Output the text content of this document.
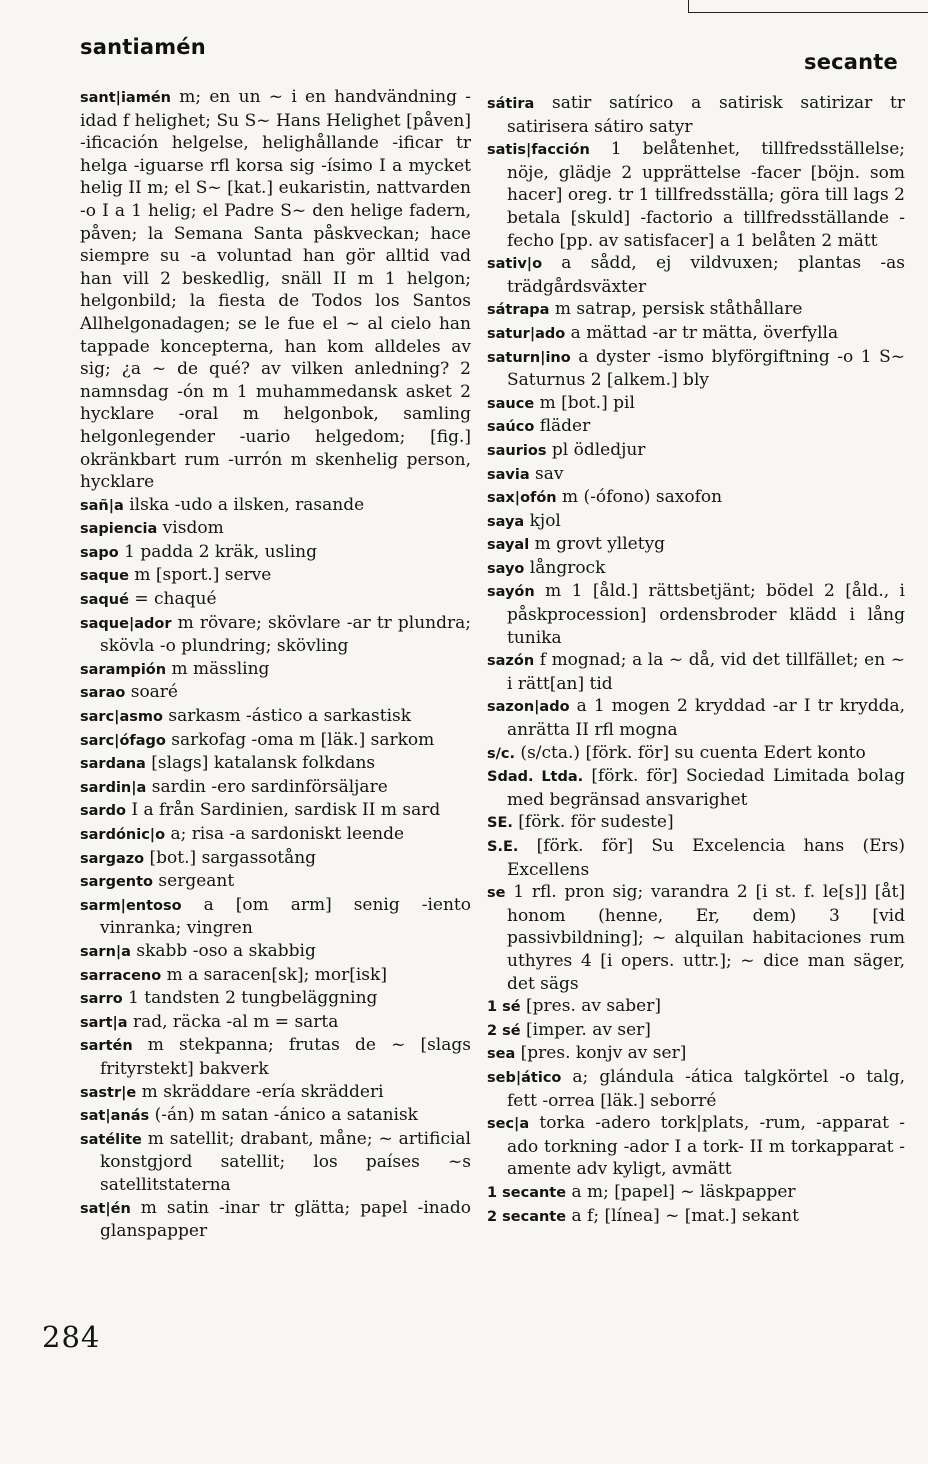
santiamén
secante
sant|iamén m; en un ~ i en handvändning -idad f helighet; Su S~ Hans Helighet [påven] -ificación helgelse, helighållande -ificar tr helga -iguarse rfl korsa sig -ísimo I a mycket helig II m; el S~ [kat.] eukaristin, nattvarden -o I a 1 helig; el Padre S~ den helige fadern, påven; la Semana Santa påskveckan; hace siempre su -a voluntad han gör alltid vad han vill 2 beskedlig, snäll II m 1 helgon; helgonbild; la fiesta de Todos los Santos Allhelgonadagen; se le fue el ~ al cielo han tappade koncepterna, han kom alldeles av sig; ¿a ~ de qué? av vilken anledning? 2 namnsdag -ón m 1 muhammedansk asket 2 hycklare -oral m helgonbok, samling helgonlegender -uario helgedom; [fig.] okränkbart rum -urrón m skenhelig person, hycklare
sañ|a ilska -udo a ilsken, rasande
sapiencia visdom
sapo 1 padda 2 kräk, usling
saque m [sport.] serve
saqué = chaqué
saque|ador m rövare; skövlare -ar tr plundra; skövla -o plundring; skövling
sarampión m mässling
sarao soaré
sarc|asmo sarkasm -ástico a sarkastisk
sarc|ófago sarkofag -oma m [läk.] sarkom
sardana [slags] katalansk folkdans
sardin|a sardin -ero sardinförsäljare
sardo I a från Sardinien, sardisk II m sard
sardónic|o a; risa -a sardoniskt leende
sargazo [bot.] sargassotång
sargento sergeant
sarm|entoso a [om arm] senig -iento vinranka; vingren
sarn|a skabb -oso a skabbig
sarraceno m a saracen[sk]; mor[isk]
sarro 1 tandsten 2 tungbeläggning
sart|a rad, räcka -al m = sarta
sartén m stekpanna; frutas de ~ [slags frityrstekt] bakverk
sastr|e m skräddare -ería skrädderi
sat|anás (-án) m satan -ánico a satanisk
satélite m satellit; drabant, måne; ~ artificial konstgjord satellit; los países ~s satellitstaterna
sat|én m satin -inar tr glätta; papel -inado glanspapper
sátira satir satírico a satirisk satirizar tr satirisera sátiro satyr
satis|facción 1 belåtenhet, tillfredsställelse; nöje, glädje 2 upprättelse -facer [böjn. som hacer] oreg. tr 1 tillfredsställa; göra till lags 2 betala [skuld] -factorio a tillfredsställande -fecho [pp. av satisfacer] a 1 belåten 2 mätt
sativ|o a sådd, ej vildvuxen; plantas -as trädgårdsväxter
sátrapa m satrap, persisk ståthållare
satur|ado a mättad -ar tr mätta, överfylla
saturn|ino a dyster -ismo blyförgiftning -o 1 S~ Saturnus 2 [alkem.] bly
sauce m [bot.] pil
saúco fläder
saurios pl ödledjur
savia sav
sax|ofón m (-ófono) saxofon
saya kjol
sayal m grovt ylletyg
sayo långrock
sayón m 1 [åld.] rättsbetjänt; bödel 2 [åld., i påskprocession] ordensbroder klädd i lång tunika
sazón f mognad; a la ~ då, vid det tillfället; en ~ i rätt[an] tid
sazon|ado a 1 mogen 2 kryddad -ar I tr krydda, anrätta II rfl mogna
s/c. (s/cta.) [förk. för] su cuenta Edert konto
Sdad. Ltda. [förk. för] Sociedad Limitada bolag med begränsad ansvarighet
SE. [förk. för sudeste]
S.E. [förk. för] Su Excelencia hans (Ers) Excellens
se 1 rfl. pron sig; varandra 2 [i st. f. le[s]] [åt] honom (henne, Er, dem) 3 [vid passivbildning]; ~ alquilan habitaciones rum uthyres 4 [i opers. uttr.]; ~ dice man säger, det sägs
1 sé [pres. av saber]
2 sé [imper. av ser]
sea [pres. konjv av ser]
seb|ático a; glándula -ática talgkörtel -o talg, fett -orrea [läk.] seborré
sec|a torka -adero tork|plats, -rum, -apparat -ado torkning -ador I a tork- II m torkapparat -amente adv kyligt, avmätt
1 secante a m; [papel] ~ läskpapper
2 secante a f; [línea] ~ [mat.] sekant
284
